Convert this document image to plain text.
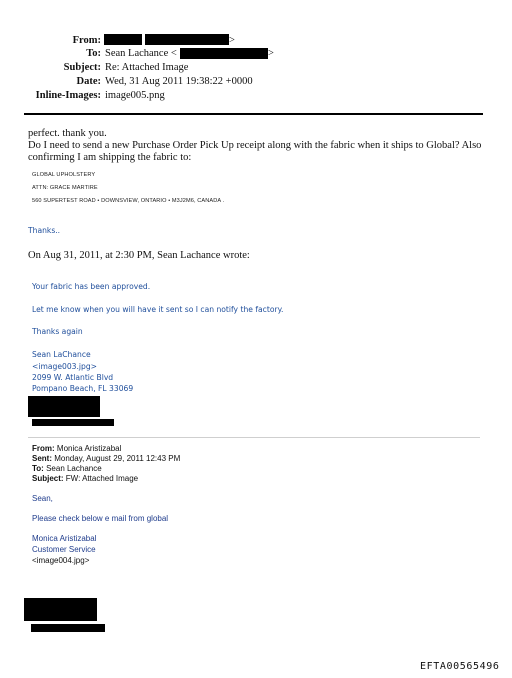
From:	>
To: Sean Lachance <	>
Subject: Re: Attached Image
Date: Wed, 31 Aug 2011 19:38:22 +0000
Inline-Images: image005.png
perfect. thank you.
Do I need to send a new Purchase Order Pick Up receipt along with the fabric when it ships to Global? Also
confirming I am shipping the fabric to:
GLOBAL UPHOLSTERY
ATTN: GRACE MARTIRE
560 SUPERTEST ROAD • DOWNSVIEW, ONTARIO • M3J2M6, CANADA .
Thanks..
On Aug 31, 2011, at 2:30 PM, Sean Lachance wrote:
Your fabric has been approved.
Let me know when you will have it sent so I can notify the factory.
Thanks again
Sean LaChance
<image003.jpg>
2099 W. Atlantic Blvd
Pompano Beach, FL 33069
From: Monica Aristizabal
Sent: Monday, August 29, 2011 12:43 PM
To: Sean Lachance
Subject: FW: Attached Image
Sean,
Please check below e mail from global
Monica Aristizabal
Customer Service
<image004.jpg>
EFTA00565496
